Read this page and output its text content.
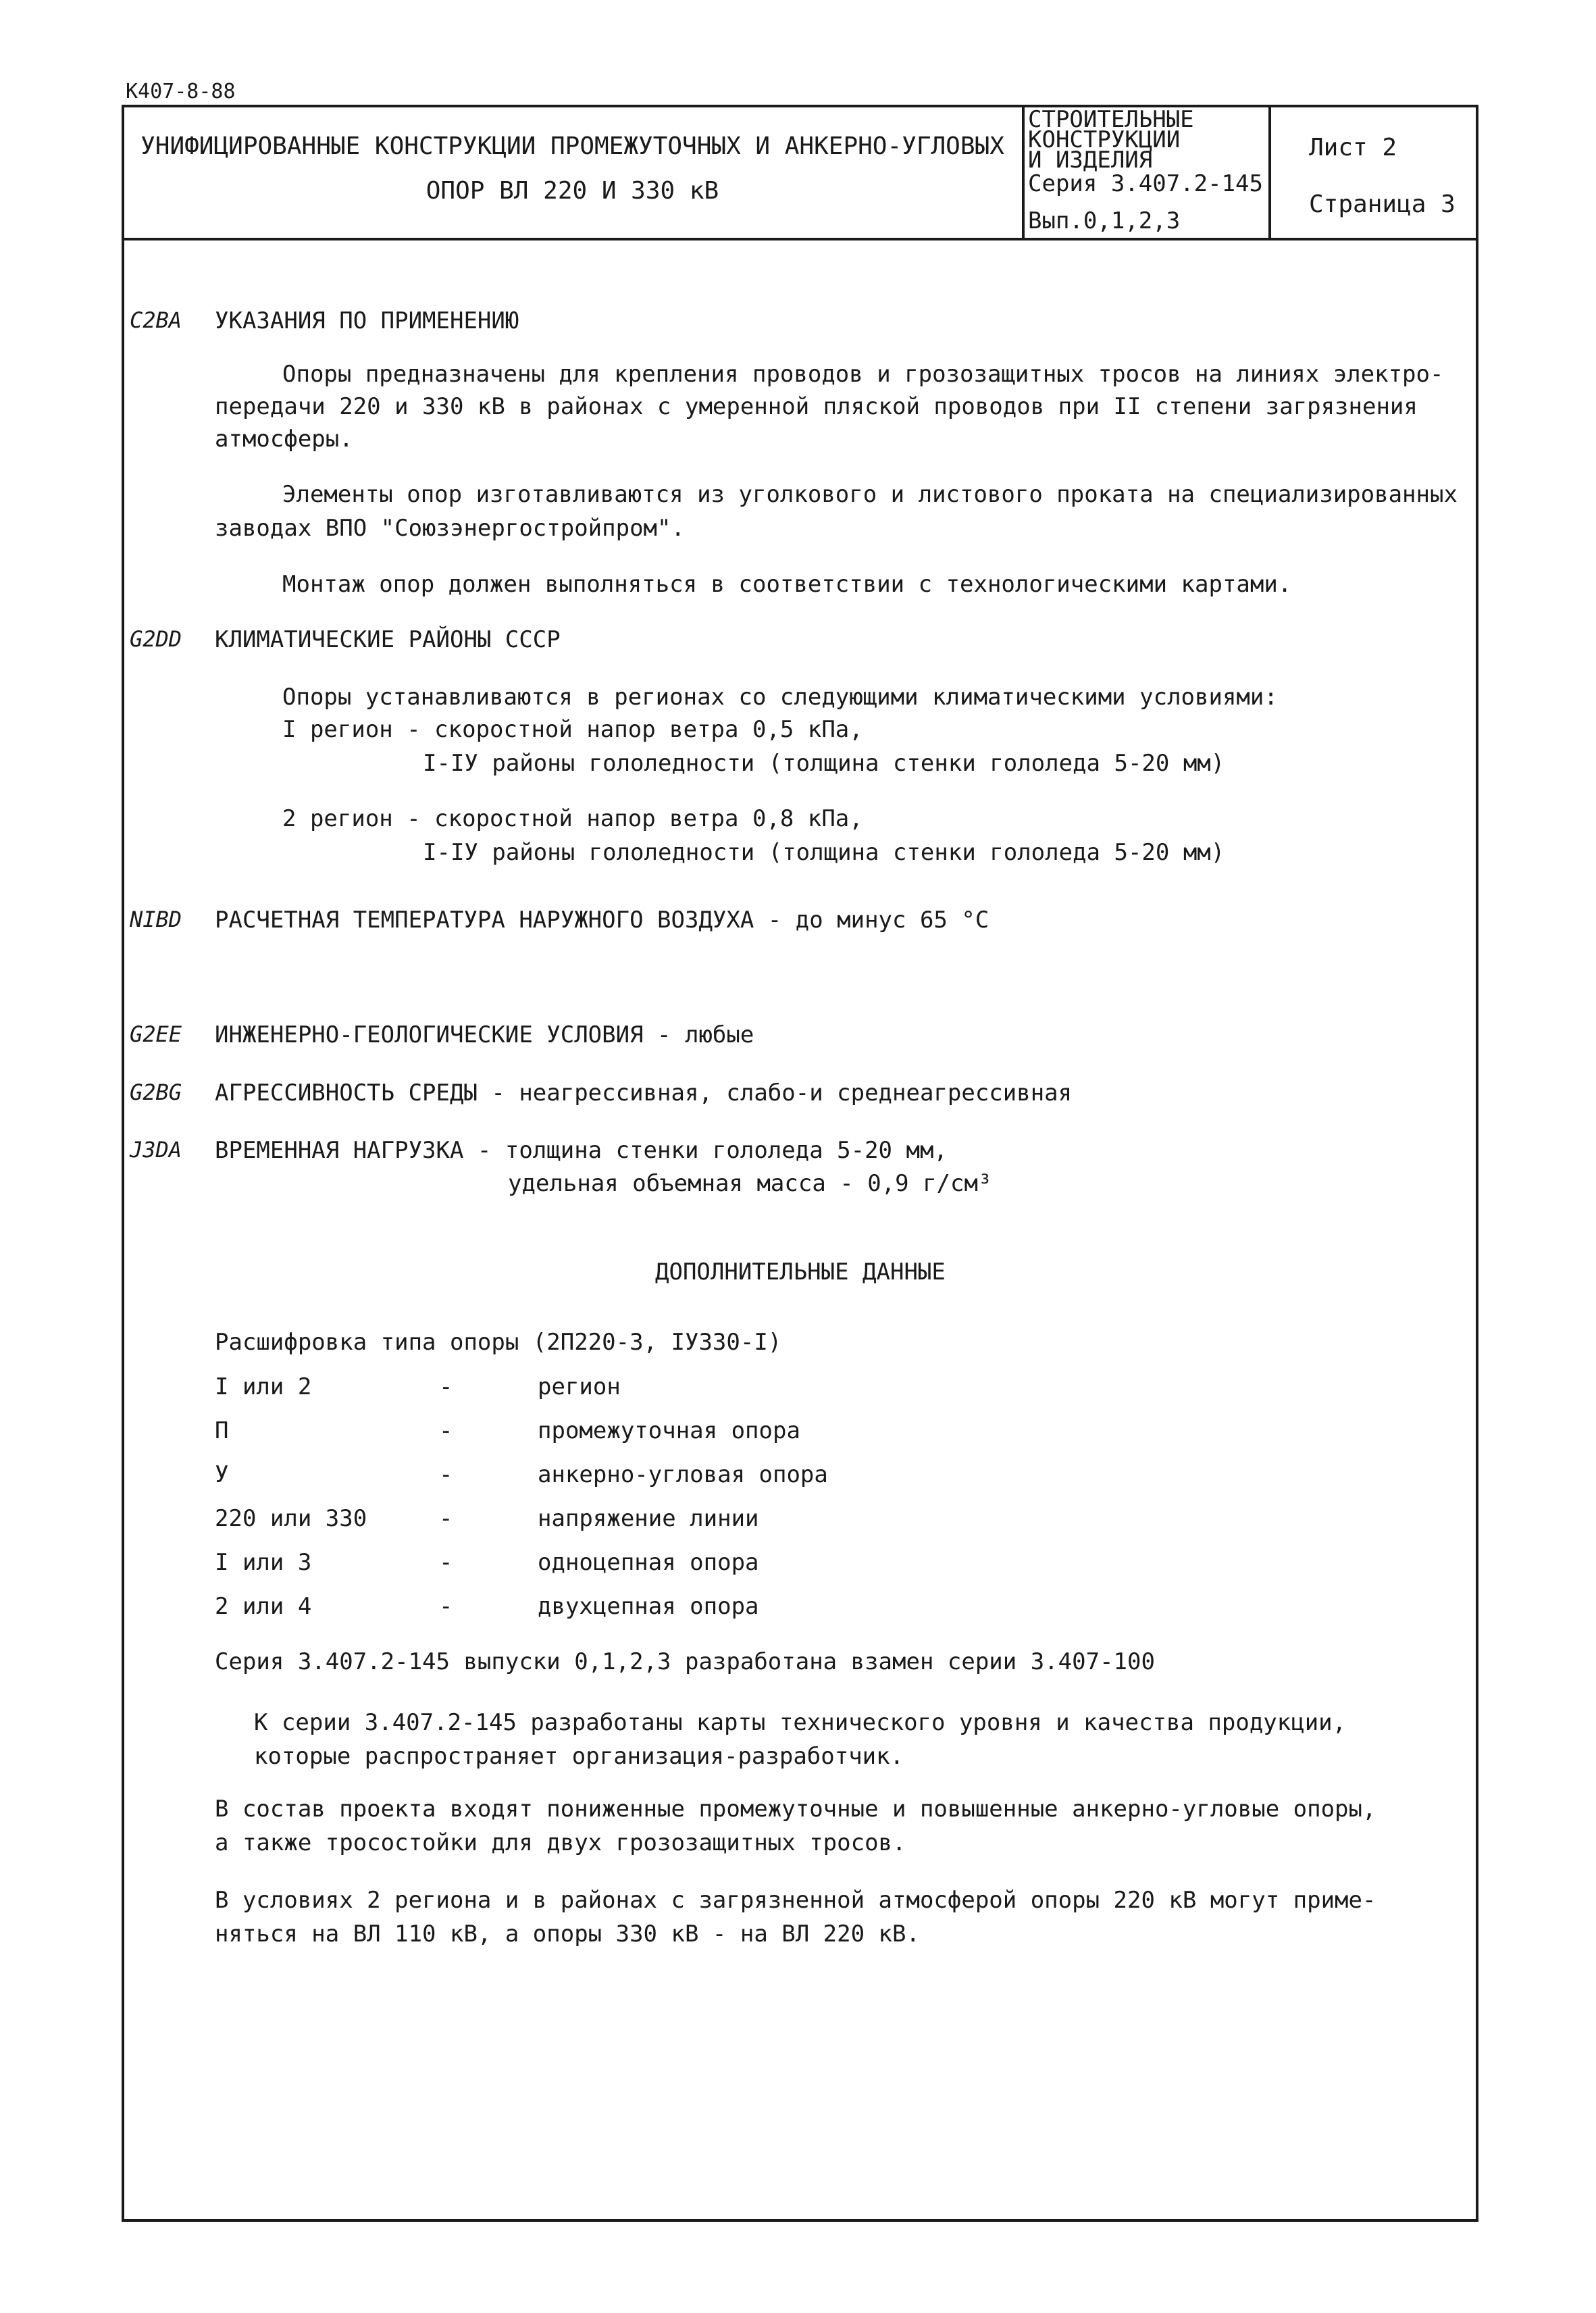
К407-8-88
УНИФИЦИРОВАННЫЕ КОНСТРУКЦИИ ПРОМЕЖУТОЧНЫХ И АНКЕРНО-УГЛОВЫХ
ОПОР ВЛ 220 И 330 кВ
СТРОИТЕЛЬНЫЕ
КОНСТРУКЦИИ
И ИЗДЕЛИЯ
Серия 3.407.2-145
Вып.0,1,2,3
Лист 2
Страница 3
С2ВА УКАЗАНИЯ ПО ПРИМЕНЕНИЮ
Опоры предназначены для крепления проводов и грозозащитных тросов на линиях электро-
передачи 220 и 330 кВ в районах с умеренной пляской проводов при II степени загрязнения
атмосферы.
Элементы опор изготавливаются из уголкового и листового проката на специализированных
заводах ВПО "Союзэнергостройпром".
Монтаж опор должен выполняться в соответствии с технологическими картами.
G2DD КЛИМАТИЧЕСКИЕ РАЙОНЫ СССР
Опоры устанавливаются в регионах со следующими климатическими условиями:
I регион - скоростной напор ветра 0,5 кПа,
I-IУ районы гололедности (толщина стенки гололеда 5-20 мм)
2 регион - скоростной напор ветра 0,8 кПа,
I-IУ районы гололедности (толщина стенки гололеда 5-20 мм)
NIBD РАСЧЕТНАЯ ТЕМПЕРАТУРА НАРУЖНОГО ВОЗДУХА - до минус 65 °С
G2EE ИНЖЕНЕРНО-ГЕОЛОГИЧЕСКИЕ УСЛОВИЯ - любые
G2BG АГРЕССИВНОСТЬ СРЕДЫ - неагрессивная, слабо-и среднеагрессивная
J3DA ВРЕМЕННАЯ НАГРУЗКА - толщина стенки гололеда 5-20 мм,
удельная объемная масса - 0,9 г/см³
ДОПОЛНИТЕЛЬНЫЕ ДАННЫЕ
Расшифровка типа опоры (2П220-3, IУ330-I)
I или 2	-	регион
П	-	промежуточная опора
У	-	анкерно-угловая опора
220 или 330	-	напряжение линии
I или 3	-	одноцепная опора
2 или 4	-	двухцепная опора
Серия 3.407.2-145 выпуски 0,1,2,3 разработана взамен серии 3.407-100
К серии 3.407.2-145 разработаны карты технического уровня и качества продукции,
которые распространяет организация-разработчик.
В состав проекта входят пониженные промежуточные и повышенные анкерно-угловые опоры,
а также тросостойки для двух грозозащитных тросов.
В условиях 2 региона и в районах с загрязненной атмосферой опоры 220 кВ могут приме-
няться на ВЛ 110 кВ, а опоры 330 кВ - на ВЛ 220 кВ.
